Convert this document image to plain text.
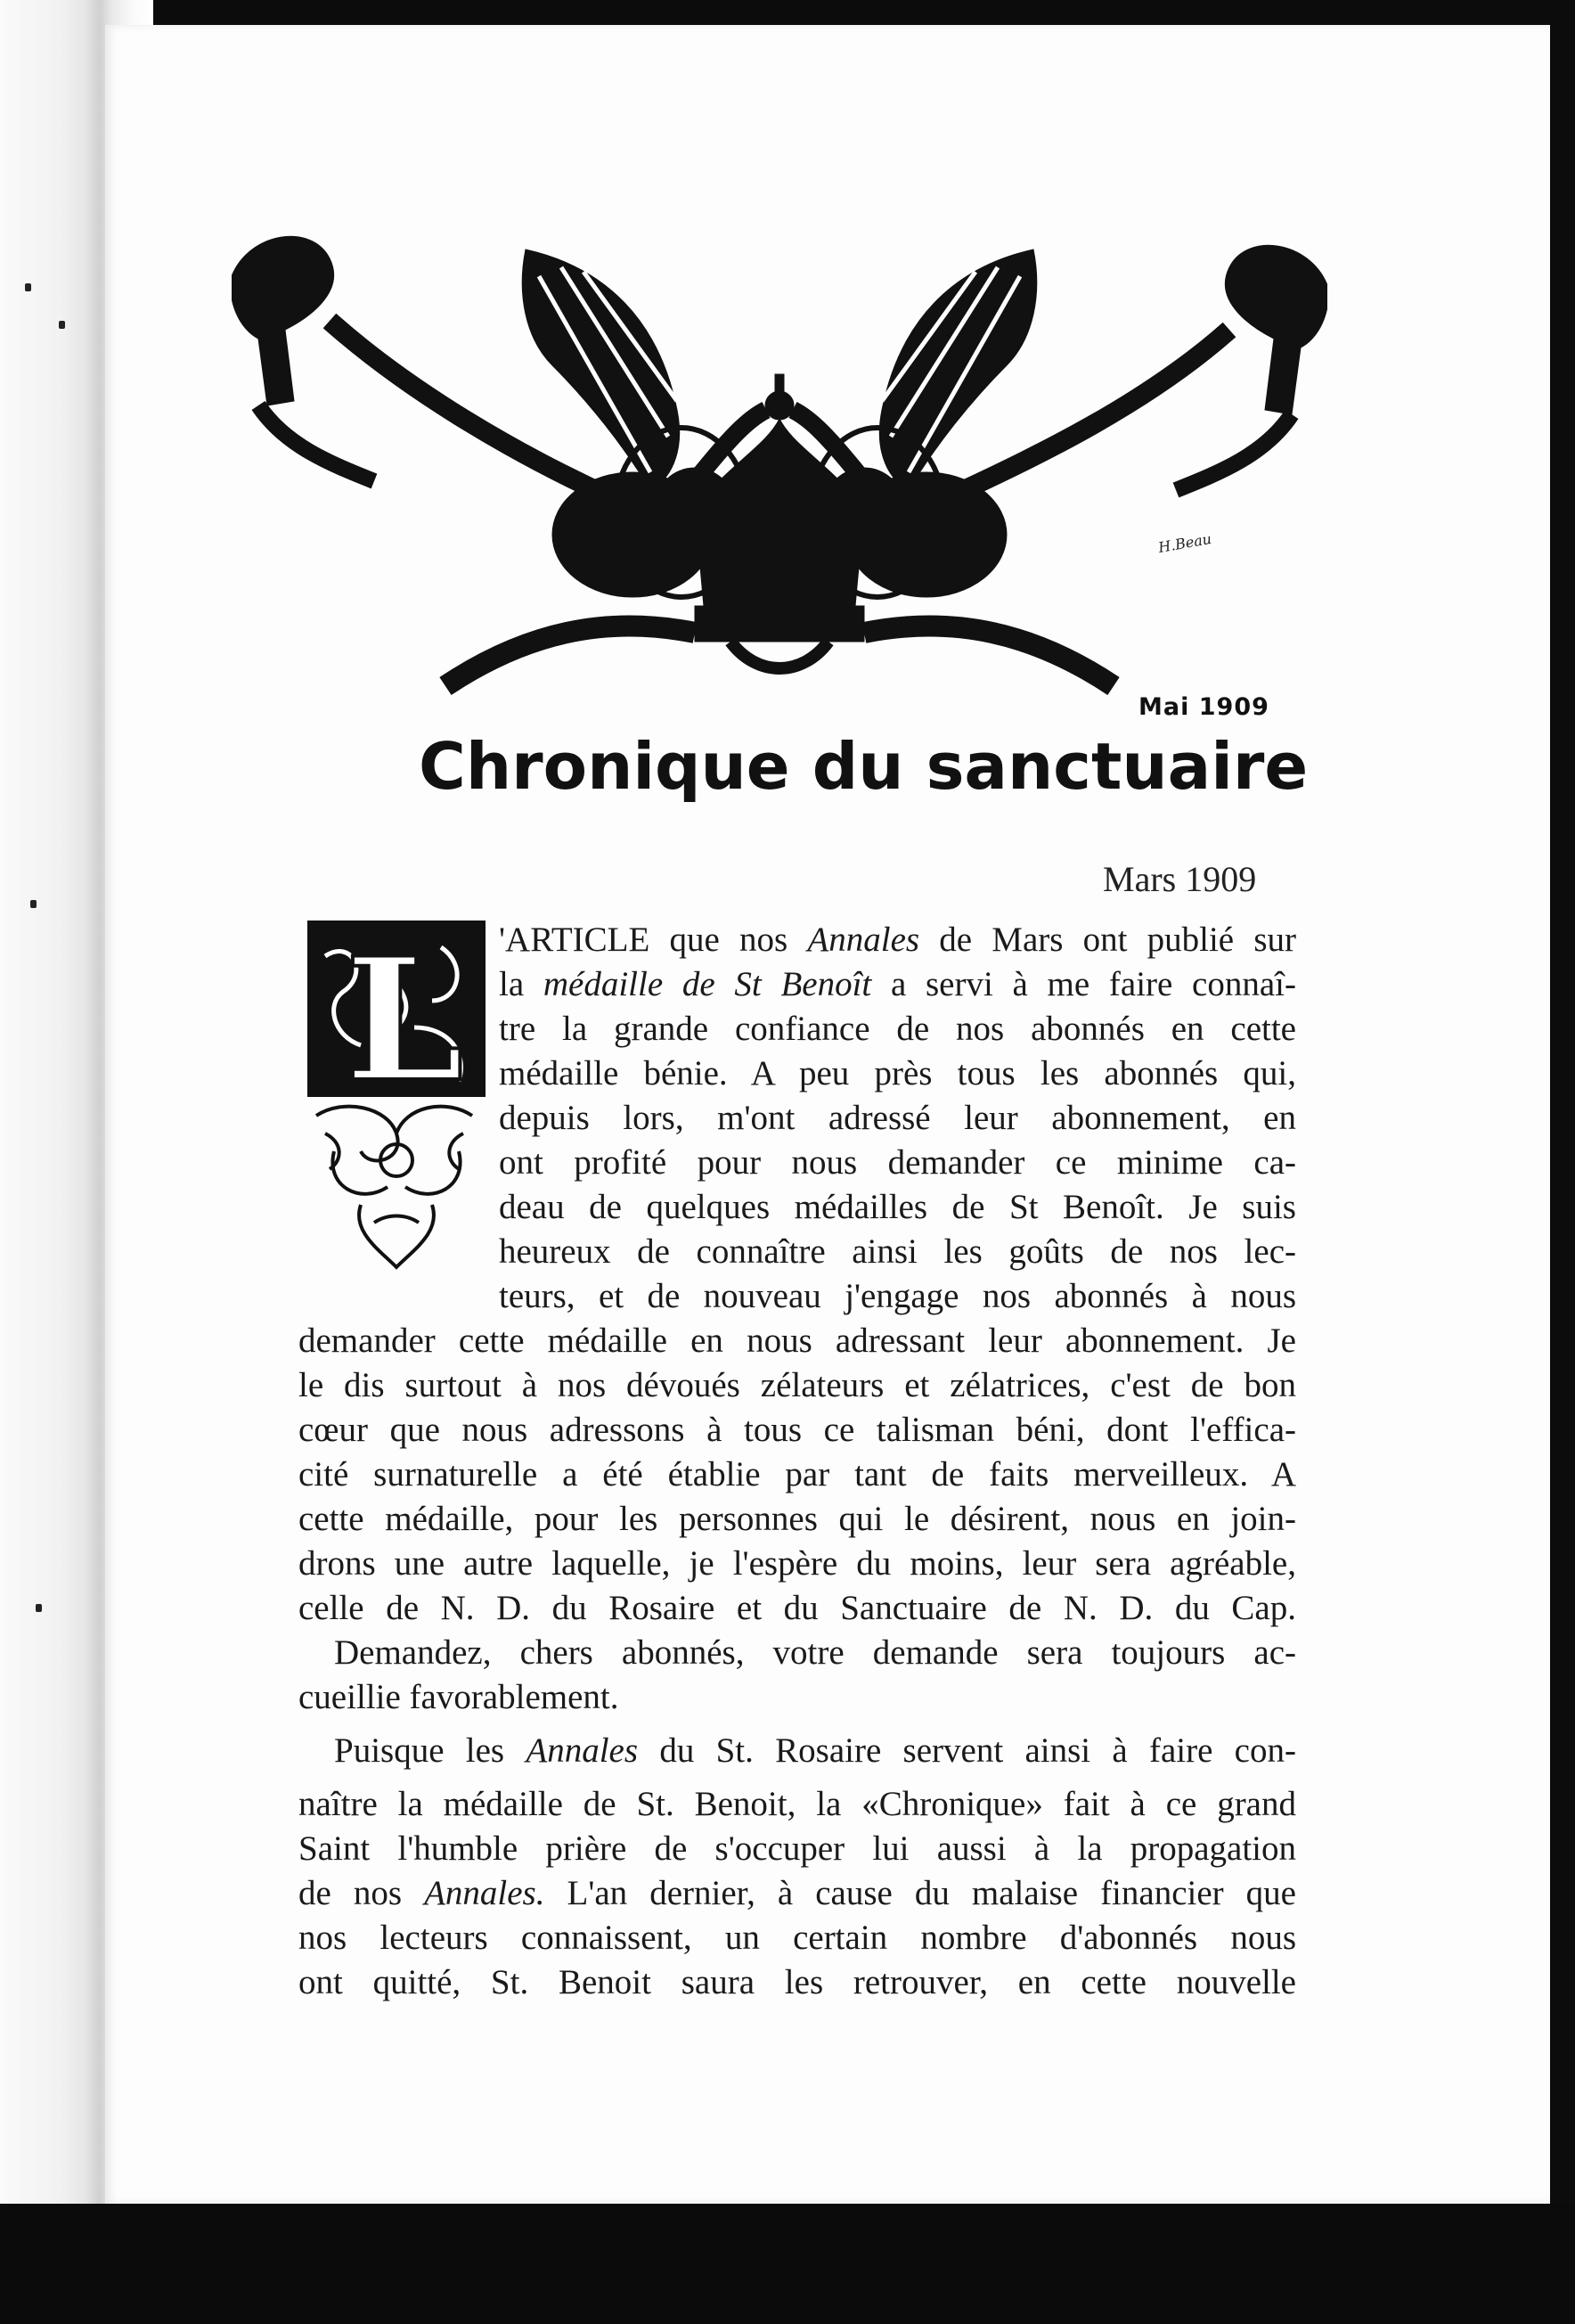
H.Beau
Mai 1909
Chronique du sanctuaire
Mars 1909
L 'ARTICLE que nos Annales de Mars ont publié sur
la médaille de St Benoît a servi à me faire connaî-
tre la grande confiance de nos abonnés en cette
médaille bénie. A peu près tous les abonnés qui,
depuis lors, m'ont adressé leur abonnement, en
ont profité pour nous demander ce minime ca-
deau de quelques médailles de St Benoît. Je suis
heureux de connaître ainsi les goûts de nos lec-
teurs, et de nouveau j'engage nos abonnés à nous
demander cette médaille en nous adressant leur abonnement. Je
le dis surtout à nos dévoués zélateurs et zélatrices, c'est de bon
cœur que nous adressons à tous ce talisman béni, dont l'effica-
cité surnaturelle a été établie par tant de faits merveilleux. A
cette médaille, pour les personnes qui le désirent, nous en join-
drons une autre laquelle, je l'espère du moins, leur sera agréable,
celle de N. D. du Rosaire et du Sanctuaire de N. D. du Cap.
Demandez, chers abonnés, votre demande sera toujours ac-
cueillie favorablement.
Puisque les Annales du St. Rosaire servent ainsi à faire con-
naître la médaille de St. Benoit, la «Chronique» fait à ce grand
Saint l'humble prière de s'occuper lui aussi à la propagation
de nos Annales. L'an dernier, à cause du malaise financier que
nos lecteurs connaissent, un certain nombre d'abonnés nous
ont quitté, St. Benoit saura les retrouver, en cette nouvelle
